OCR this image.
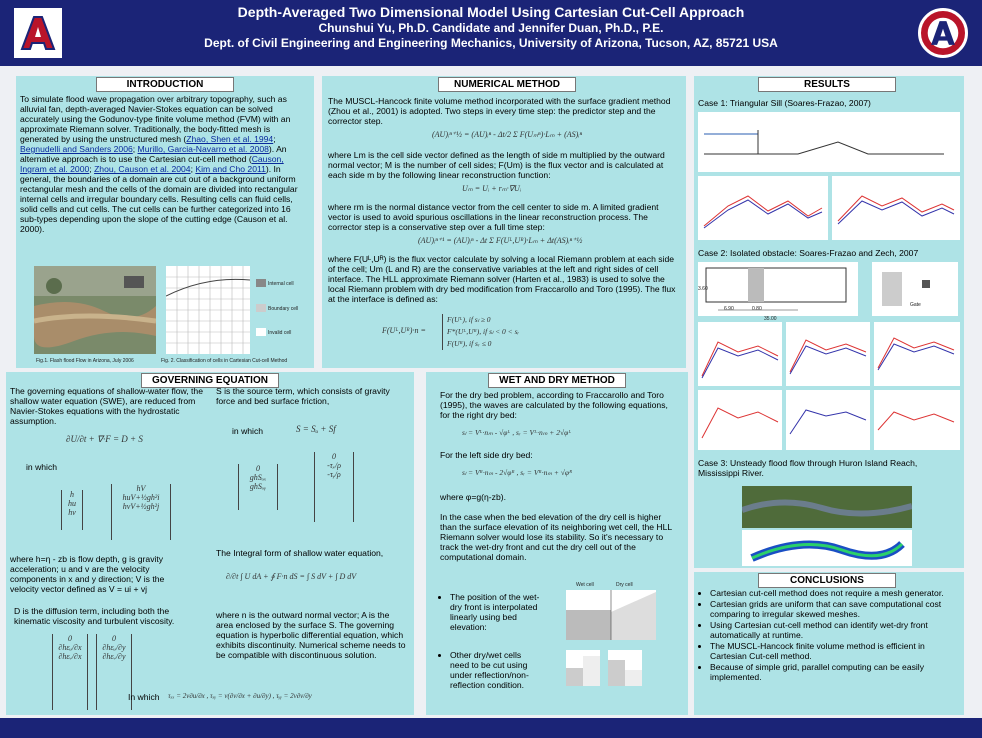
Depth-Averaged Two Dimensional Model Using Cartesian Cut-Cell Approach
Chunshui Yu, Ph.D. Candidate and Jennifer Duan, Ph.D., P.E.
Dept. of Civil Engineering and Engineering Mechanics, University of Arizona, Tucson, AZ, 85721 USA
INTRODUCTION
To simulate flood wave propagation over arbitrary topography, such as alluvial fan, depth-averaged Navier-Stokes equation can be solved accurately using the Godunov-type finite volume method (FVM) with an approximate Riemann solver. Traditionally, the body-fitted mesh is generated by using the unstructured mesh (Zhao, Shen et al. 1994; Begnudelli and Sanders 2006; Murillo, Garcia-Navarro et al. 2008). An alternative approach is to use the Cartesian cut-cell method (Causon, Ingram et al. 2000; Zhou, Causon et al. 2004; Kim and Cho 2011). In general, the boundaries of a domain are cut out of a background uniform rectangular mesh and the cells of the domain are divided into rectangular internal cells and irregular boundary cells. Resulting cells can fluid cells, solid cells and cut cells. The cut cells can be further categorized into 16 sub-types depending upon the slope of the cutting edge (Causon et al. 2000).
Internal cell
Boundary cell
Invalid cell
Fig.1. Flash flood Flow in Arizona, July 2006	Fig. 2. Classification of cells in Cartesian Cut-cell Method
GOVERNING EQUATION
The governing equations of shallow-water flow, the shallow water equation (SWE), are reduced from Navier-Stokes equations with the hydrostatic assumption.
∂U/∂t + ∇·F = D + S
in which
h
hu
hv
hV
huV+½gh²i
hvV+½gh²j
where h=η - zb is flow depth, g is gravity acceleration; u and v are the velocity components in x and y direction; V is the velocity vector defined as V = ui + vj
D is the diffusion term, including both the kinematic viscosity and turbulent viscosity.
0
∂hεᵤ/∂x
∂hεᵥ/∂x
0
∂hεᵤ/∂y
∂hεᵥ/∂y
In which τₓₓ = 2ν∂u/∂x , τₓᵧ = ν(∂v/∂x + ∂u/∂y) , τᵧᵧ = 2ν∂v/∂y
S is the source term, which consists of gravity force and bed surface friction,
in which	S = Sₒ + Sf
0
ghSₒₓ
ghSₒᵧ
0
-τₓ/ρ
-τᵧ/ρ
The Integral form of shallow water equation,
∂/∂t ∫ U dA + ∮ F·n dS = ∫ S dV + ∫ D dV
where n is the outward normal vector; A is the area enclosed by the surface S. The governing equation is hyperbolic differential equation, which exhibits discontinuity. Numerical scheme needs to be compatible with discontinuous solution.
NUMERICAL METHOD
The MUSCL-Hancock finite volume method incorporated with the surface gradient method (Zhou et al., 2001) is adopted. Two steps in every time step: the predictor step and the corrector step.
(AU)ᵢⁿ⁺½ = (AU)ᵢⁿ - Δt/2 Σ F(Uₘⁿ)·Lₘ + (AS)ᵢⁿ
where Lm is the cell side vector defined as the length of side m multiplied by the outward normal vector; M is the number of cell sides; F(Um) is the flux vector and is calculated at each side m by the following linear reconstruction function:
Uₘ = Uᵢ + rₘ·∇Uᵢ
where rm is the normal distance vector from the cell center to side m. A limited gradient vector is used to avoid spurious oscillations in the linear reconstruction process. The corrector step is a conservative step over a full time step:
(AU)ᵢⁿ⁺¹ = (AU)ᵢⁿ - Δt Σ F(Uᴸ,Uᴿ)·Lₘ + Δt(AS)ᵢⁿ⁺½
where F(Uᴸ,Uᴿ) is the flux vector calculate by solving a local Riemann problem at each side of the cell; Um (L and R) are the conservative variables at the left and right sides of cell interface. The HLL approximate Riemann solver (Harten et al., 1983) is used to solve the local Riemann problem with dry bed modification from Fraccarollo and Toro (1995). The flux at the interface is defined as:
F(Uᴸ), if sₗ ≥ 0
F*(Uᴸ,Uᴿ), if sₗ < 0 < sᵣ
F(Uᴿ), if sᵣ ≤ 0
F(Uᴸ,Uᴿ)·n =
WET AND DRY METHOD
For the dry bed problem, according to Fraccarollo and Toro (1995), the waves are calculated by the following equations, for the right dry bed:
sₗ = Vᴸ·nₘ - √φᴸ , sᵣ = Vᴸ·nₘ + 2√φᴸ
For the left side dry bed:
sₗ = Vᴿ·nₘ - 2√φᴿ , sᵣ = Vᴿ·nₘ + √φᴿ
where φ=g(η-zb).
In the case when the bed elevation of the dry cell is higher than the surface elevation of its neighboring wet cell, the HLL Riemann solver would lose its stability. So it's necessary to track the wet-dry front and cut the dry cell out of the computational domain.
• The position of the wet-dry front is interpolated linearly using bed elevation:
• Other dry/wet cells need to be cut using under reflection/non-reflection condition.
Wet cell	Dry cell
RESULTS
Case 1: Triangular Sill (Soares-Frazao, 2007)
Case 2: Isolated obstacle: Soares-Frazao and Zech, 2007
3.60
6.90	0.80
35.00
Gate
Case 3: Unsteady flood flow through Huron Island Reach, Mississippi River.
CONCLUSIONS
• Cartesian cut-cell method does not require a mesh generator.
• Cartesian grids are uniform that can save computational cost comparing to irregular skewed meshes.
• Using Cartesian cut-cell method can identify wet-dry front automatically at runtime.
• The MUSCL-Hancock finite volume method is efficient in Cartesian Cut-cell method.
• Because of simple grid, parallel computing can be easily implemented.
